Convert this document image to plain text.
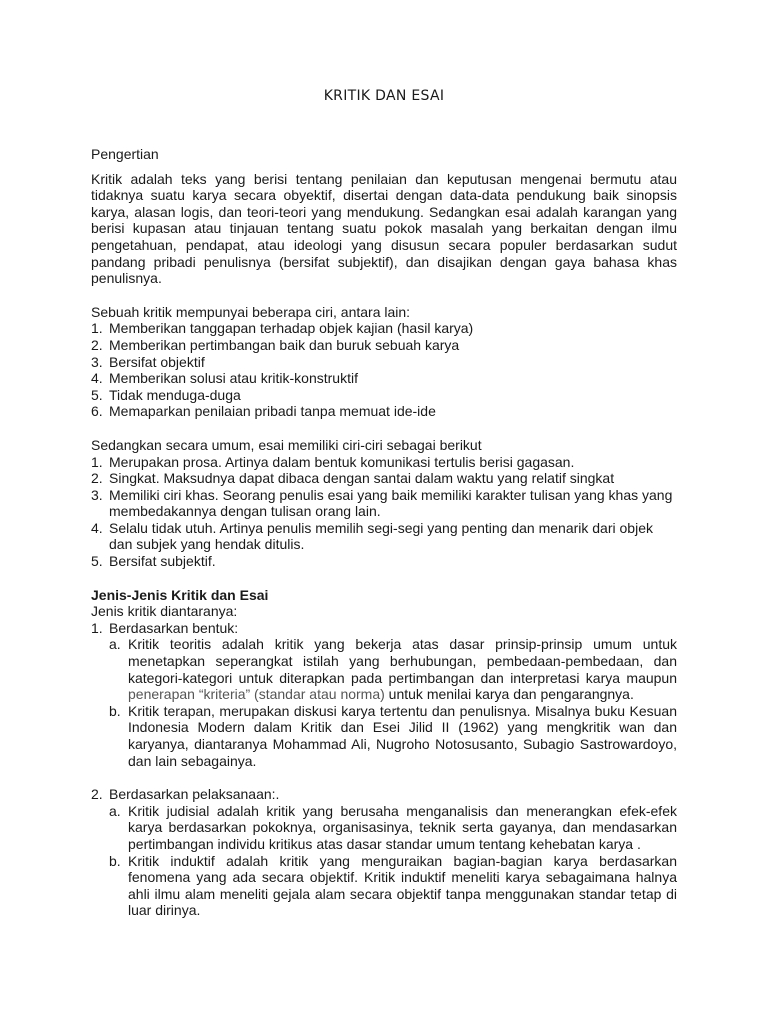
KRITIK DAN ESAI

Pengertian

Kritik adalah teks yang berisi tentang penilaian dan keputusan mengenai bermutu atau tidaknya suatu karya secara obyektif, disertai dengan data-data pendukung baik sinopsis karya, alasan logis, dan teori-teori yang mendukung. Sedangkan esai adalah karangan yang berisi kupasan atau tinjauan tentang suatu pokok masalah yang berkaitan dengan ilmu pengetahuan, pendapat, atau ideologi yang disusun secara populer berdasarkan sudut pandang pribadi penulisnya (bersifat subjektif), dan disajikan dengan gaya bahasa khas penulisnya.

Sebuah kritik mempunyai beberapa ciri, antara lain:

1. Memberikan tanggapan terhadap objek kajian (hasil karya)
2. Memberikan pertimbangan baik dan buruk sebuah karya
3. Bersifat objektif
4. Memberikan solusi atau kritik-konstruktif
5. Tidak menduga-duga
6. Memaparkan penilaian pribadi tanpa memuat ide-ide

Sedangkan secara umum, esai memiliki ciri-ciri sebagai berikut

1. Merupakan prosa. Artinya dalam bentuk komunikasi tertulis berisi gagasan.
2. Singkat. Maksudnya dapat dibaca dengan santai dalam waktu yang relatif singkat
3. Memiliki ciri khas. Seorang penulis esai yang baik memiliki karakter tulisan yang khas yang membedakannya dengan tulisan orang lain.
4. Selalu tidak utuh. Artinya penulis memilih segi-segi yang penting dan menarik dari objek dan subjek yang hendak ditulis.
5. Bersifat subjektif.

Jenis-Jenis Kritik dan Esai

Jenis kritik diantaranya:

1. Berdasarkan bentuk:
a. Kritik teoritis adalah kritik yang bekerja atas dasar prinsip-prinsip umum untuk menetapkan seperangkat istilah yang berhubungan, pembedaan-pembedaan, dan kategori-kategori untuk diterapkan pada pertimbangan dan interpretasi karya maupun penerapan “kriteria” (standar atau norma) untuk menilai karya dan pengarangnya.
b. Kritik terapan, merupakan diskusi karya tertentu dan penulisnya. Misalnya buku Kesuan Indonesia Modern dalam Kritik dan Esei Jilid II (1962) yang mengkritik wan dan karyanya, diantaranya Mohammad Ali, Nugroho Notosusanto, Subagio Sastrowardoyo, dan lain sebagainya.
2. Berdasarkan pelaksanaan:.
a. Kritik judisial adalah kritik yang berusaha menganalisis dan menerangkan efek-efek karya berdasarkan pokoknya, organisasinya, teknik serta gayanya, dan mendasarkan pertimbangan individu kritikus atas dasar standar umum tentang kehebatan karya .
b. Kritik induktif adalah kritik yang menguraikan bagian-bagian karya berdasarkan fenomena yang ada secara objektif. Kritik induktif meneliti karya sebagaimana halnya ahli ilmu alam meneliti gejala alam secara objektif tanpa menggunakan standar tetap di luar dirinya.
